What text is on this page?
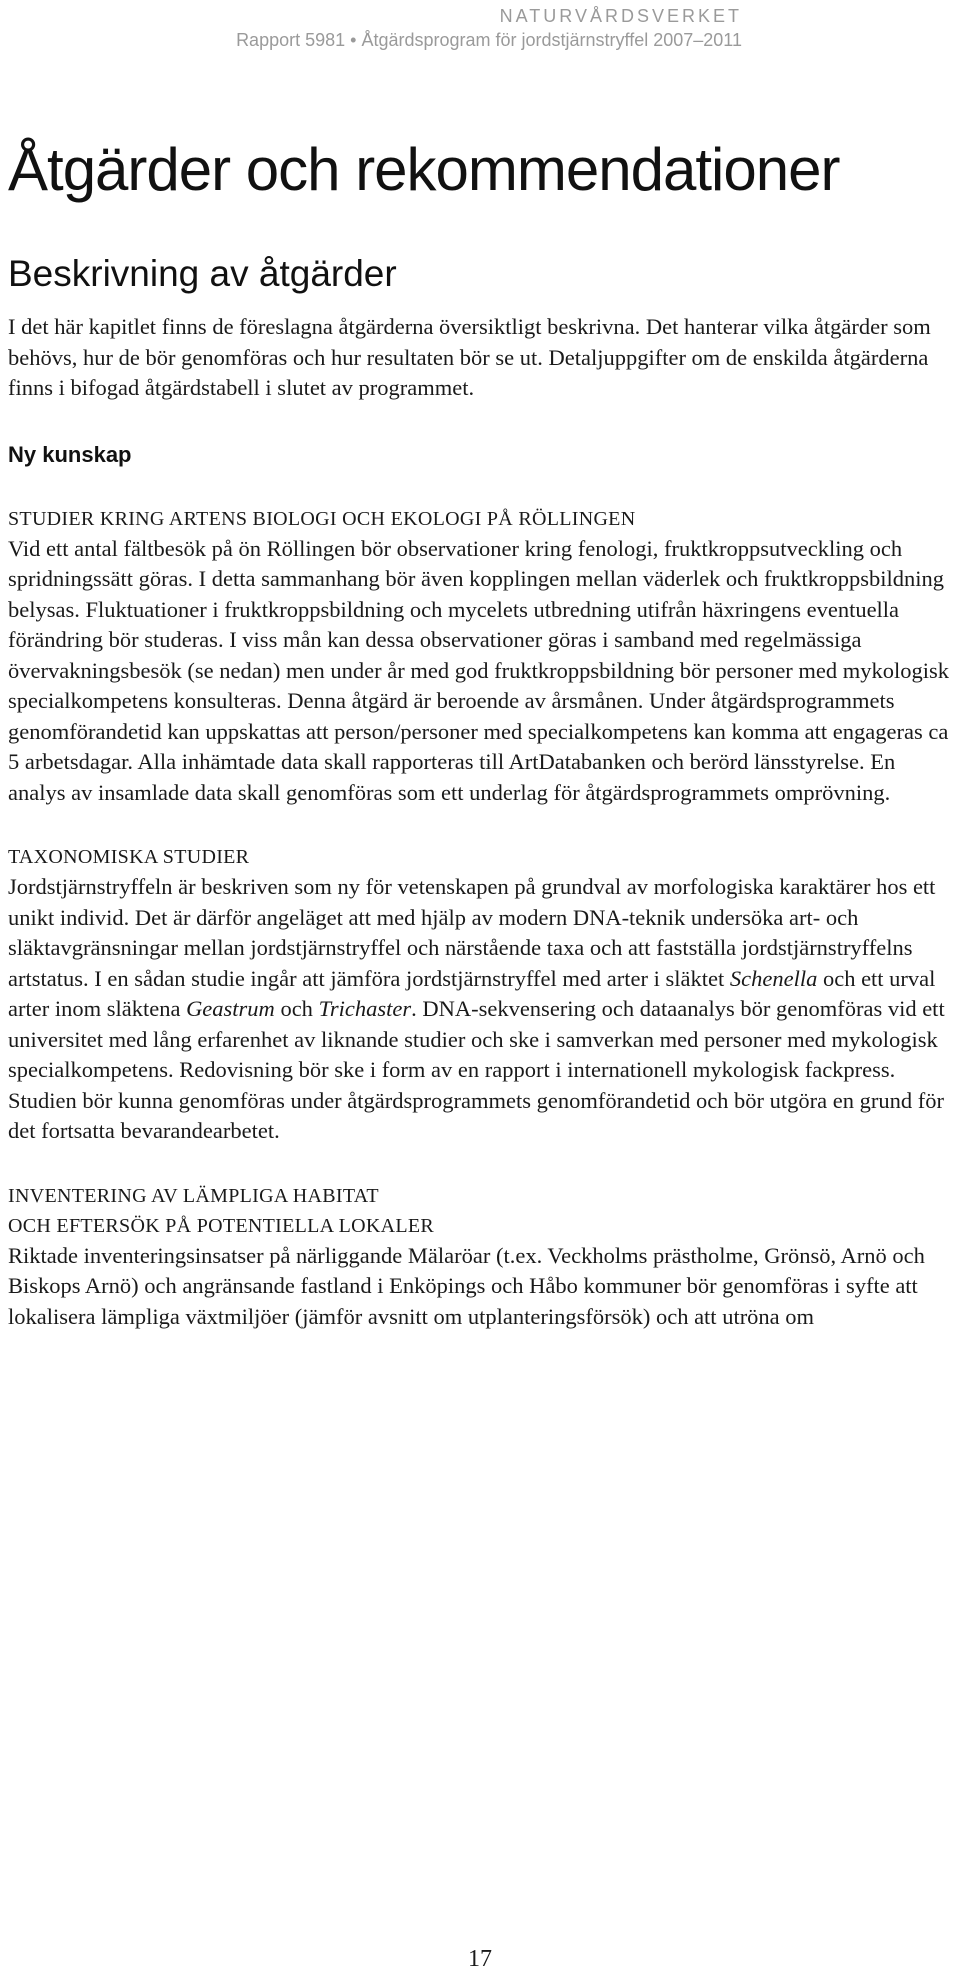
NATURVÅRDSVERKET
Rapport 5981 • Åtgärdsprogram för jordstjärnstryffel 2007–2011
Åtgärder och rekommendationer
Beskrivning av åtgärder

I det här kapitlet finns de föreslagna åtgärderna översiktligt beskrivna. Det hanterar vilka åtgärder som behövs, hur de bör genomföras och hur resultaten bör se ut. Detaljuppgifter om de enskilda åtgärderna finns i bifogad åtgärdstabell i slutet av programmet.

Ny kunskap
STUDIER KRING ARTENS BIOLOGI OCH EKOLOGI PÅ RÖLLINGEN

Vid ett antal fältbesök på ön Röllingen bör observationer kring fenologi, fruktkroppsutveckling och spridningssätt göras. I detta sammanhang bör även kopplingen mellan väderlek och fruktkroppsbildning belysas. Fluktuationer i fruktkroppsbildning och mycelets utbredning utifrån häxringens eventuella förändring bör studeras. I viss mån kan dessa observationer göras i samband med regelmässiga övervakningsbesök (se nedan) men under år med god fruktkroppsbildning bör personer med mykologisk specialkompetens konsulteras. Denna åtgärd är beroende av årsmånen. Under åtgärdsprogrammets genomförandetid kan uppskattas att person/personer med specialkompetens kan komma att engageras ca 5 arbetsdagar. Alla inhämtade data skall rapporteras till ArtDatabanken och berörd länsstyrelse. En analys av insamlade data skall genomföras som ett underlag för åtgärdsprogrammets omprövning.

TAXONOMISKA STUDIER

Jordstjärnstryffeln är beskriven som ny för vetenskapen på grundval av morfologiska karaktärer hos ett unikt individ. Det är därför angeläget att med hjälp av modern DNA-teknik undersöka art- och släktavgränsningar mellan jordstjärnstryffel och närstående taxa och att fastställa jordstjärnstryffelns artstatus. I en sådan studie ingår att jämföra jordstjärnstryffel med arter i släktet Schenella och ett urval arter inom släktena Geastrum och Trichaster. DNA-sekvensering och dataanalys bör genomföras vid ett universitet med lång erfarenhet av liknande studier och ske i samverkan med personer med mykologisk specialkompetens. Redovisning bör ske i form av en rapport i internationell mykologisk fackpress. Studien bör kunna genomföras under åtgärdsprogrammets genomförandetid och bör utgöra en grund för det fortsatta bevarandearbetet.

INVENTERING AV LÄMPLIGA HABITAT
OCH EFTERSÖK PÅ POTENTIELLA LOKALER

Riktade inventeringsinsatser på närliggande Mälaröar (t.ex. Veckholms prästholme, Grönsö, Arnö och Biskops Arnö) och angränsande fastland i Enköpings och Håbo kommuner bör genomföras i syfte att lokalisera lämpliga växtmiljöer (jämför avsnitt om utplanteringsförsök) och att utröna om

17
